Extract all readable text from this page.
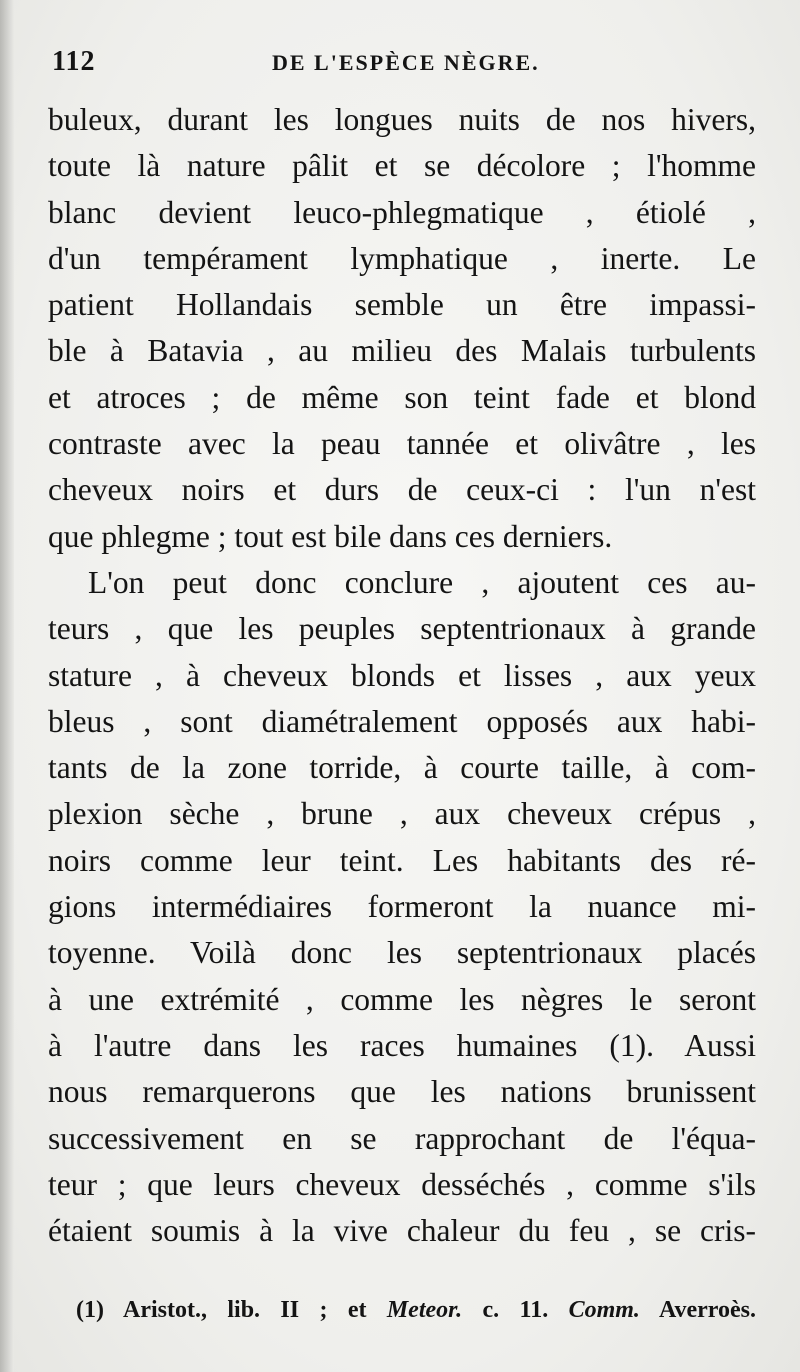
112	DE L'ESPÈCE NÈGRE.
buleux, durant les longues nuits de nos hivers,
toute là nature pâlit et se décolore ; l'homme
blanc devient leuco-phlegmatique , étiolé ,
d'un tempérament lymphatique , inerte. Le
patient Hollandais semble un être impassi-
ble à Batavia , au milieu des Malais turbulents
et atroces ; de même son teint fade et blond
contraste avec la peau tannée et olivâtre , les
cheveux noirs et durs de ceux-ci : l'un n'est
que phlegme ; tout est bile dans ces derniers.
L'on peut donc conclure , ajoutent ces au-
teurs , que les peuples septentrionaux à grande
stature , à cheveux blonds et lisses , aux yeux
bleus , sont diamétralement opposés aux habi-
tants de la zone torride, à courte taille, à com-
plexion sèche , brune , aux cheveux crépus ,
noirs comme leur teint. Les habitants des ré-
gions intermédiaires formeront la nuance mi-
toyenne. Voilà donc les septentrionaux placés
à une extrémité , comme les nègres le seront
à l'autre dans les races humaines (1). Aussi
nous remarquerons que les nations brunissent
successivement en se rapprochant de l'équa-
teur ; que leurs cheveux desséchés , comme s'ils
étaient soumis à la vive chaleur du feu , se cris-
(1) Aristot., lib. II ; et Meteor. c. 11. Comm. Averroès.
